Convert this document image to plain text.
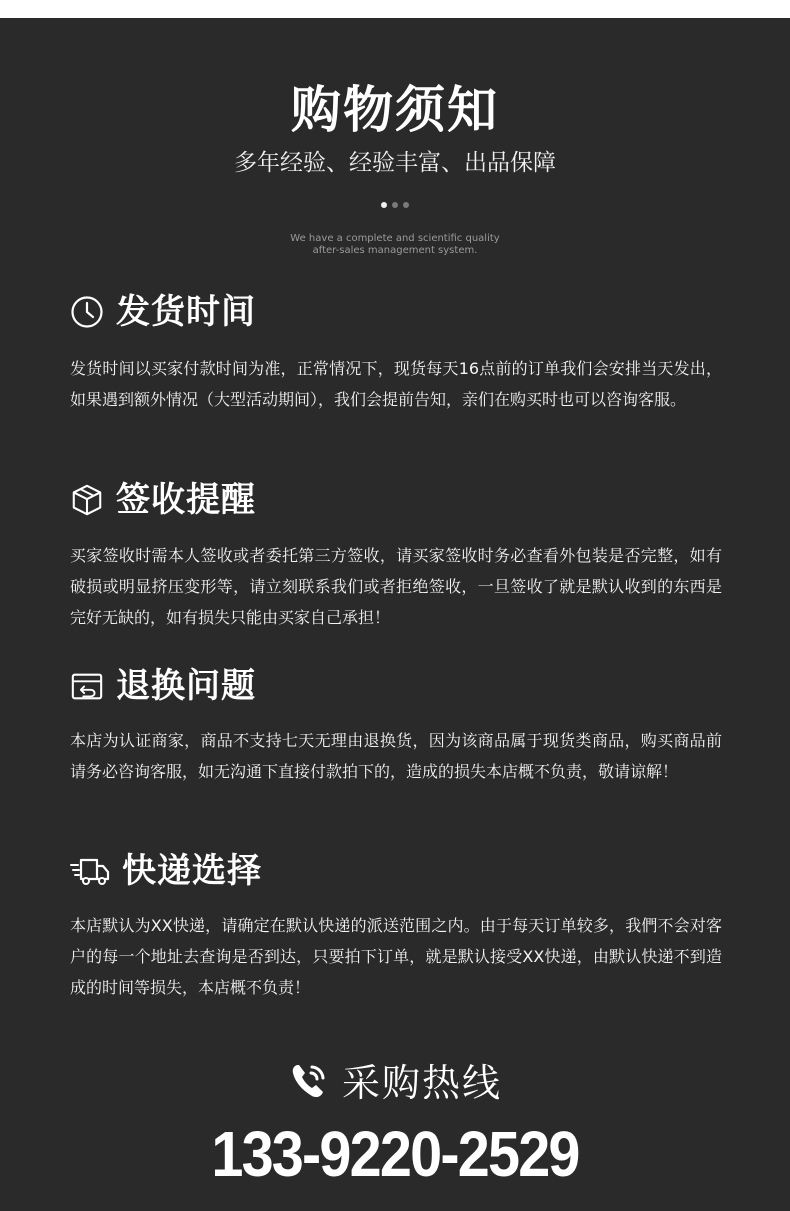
购物须知
多年经验、经验丰富、出品保障
We have a complete and scientific quality
after-sales management system.
发货时间
发货时间以买家付款时间为准，正常情况下，现货每天16点前的订单我们会安排当天发出，如果遇到额外情况（大型活动期间），我们会提前告知，亲们在购买时也可以咨询客服。
签收提醒
买家签收时需本人签收或者委托第三方签收，请买家签收时务必查看外包装是否完整，如有破损或明显挤压变形等，请立刻联系我们或者拒绝签收，一旦签收了就是默认收到的东西是完好无缺的，如有损失只能由买家自己承担！
退换问题
本店为认证商家，商品不支持七天无理由退换货，因为该商品属于现货类商品，购买商品前请务必咨询客服，如无沟通下直接付款拍下的，造成的损失本店概不负责，敬请谅解！
快递选择
本店默认为XX快递，请确定在默认快递的派送范围之内。由于每天订单较多，我們不会对客户的每一个地址去查询是否到达，只要拍下订单，就是默认接受XX快递，由默认快递不到造成的时间等损失，本店概不负责！
采购热线
133-9220-2529
